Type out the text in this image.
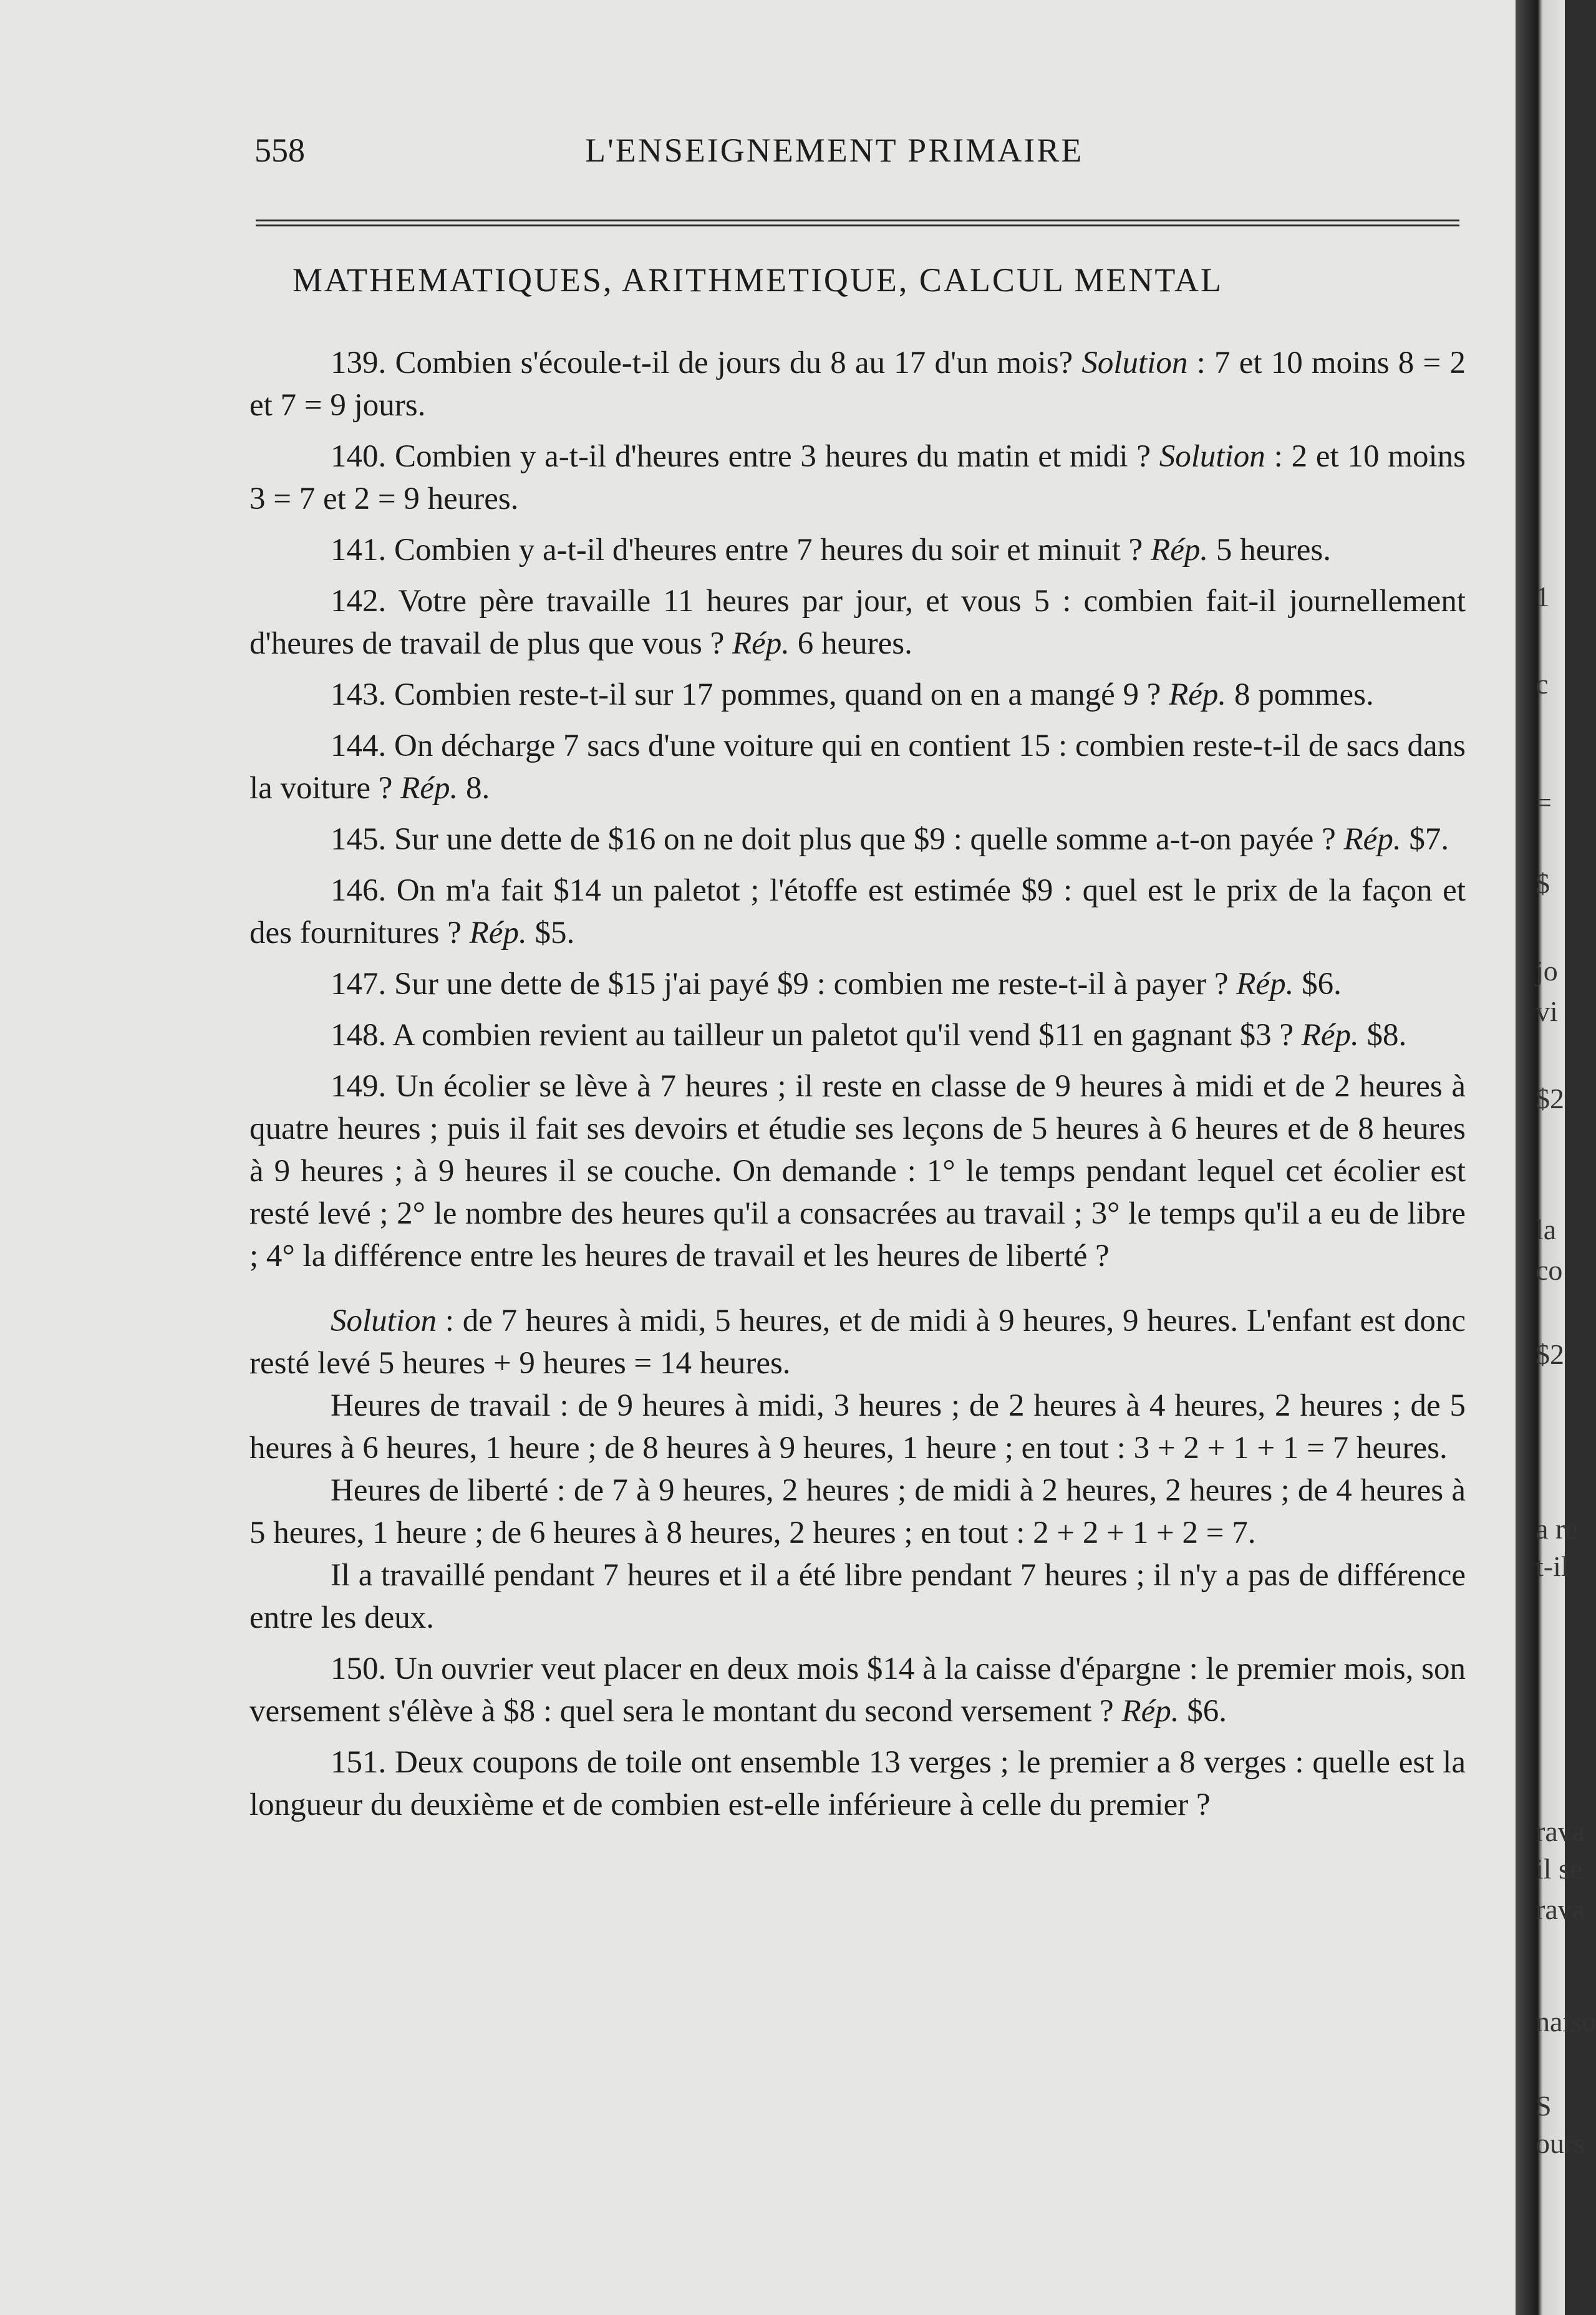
558	L'ENSEIGNEMENT PRIMAIRE
MATHEMATIQUES, ARITHMETIQUE, CALCUL MENTAL

139. Combien s'écoule-t-il de jours du 8 au 17 d'un mois? Solution : 7 et 10 moins 8 = 2 et 7 = 9 jours.

140. Combien y a-t-il d'heures entre 3 heures du matin et midi ? Solution : 2 et 10 moins 3 = 7 et 2 = 9 heures.

141. Combien y a-t-il d'heures entre 7 heures du soir et minuit ? Rép. 5 heures.

142. Votre père travaille 11 heures par jour, et vous 5 : combien fait-il journellement d'heures de travail de plus que vous ? Rép. 6 heures.

143. Combien reste-t-il sur 17 pommes, quand on en a mangé 9 ? Rép. 8 pommes.

144. On décharge 7 sacs d'une voiture qui en contient 15 : combien reste-t-il de sacs dans la voiture ? Rép. 8.

145. Sur une dette de $16 on ne doit plus que $9 : quelle somme a-t-on payée ? Rép. $7.

146. On m'a fait $14 un paletot ; l'étoffe est estimée $9 : quel est le prix de la façon et des fournitures ? Rép. $5.

147. Sur une dette de $15 j'ai payé $9 : combien me reste-t-il à payer ? Rép. $6.

148. A combien revient au tailleur un paletot qu'il vend $11 en gagnant $3 ? Rép. $8.

149. Un écolier se lève à 7 heures ; il reste en classe de 9 heures à midi et de 2 heures à quatre heures ; puis il fait ses devoirs et étudie ses leçons de 5 heures à 6 heures et de 8 heures à 9 heures ; à 9 heures il se couche. On demande : 1° le temps pendant lequel cet écolier est resté levé ; 2° le nombre des heures qu'il a consacrées au travail ; 3° le temps qu'il a eu de libre ; 4° la différence entre les heures de travail et les heures de liberté ?

Solution : de 7 heures à midi, 5 heures, et de midi à 9 heures, 9 heures. L'enfant est donc resté levé 5 heures + 9 heures = 14 heures.

Heures de travail : de 9 heures à midi, 3 heures ; de 2 heures à 4 heures, 2 heures ; de 5 heures à 6 heures, 1 heure ; de 8 heures à 9 heures, 1 heure ; en tout : 3 + 2 + 1 + 1 = 7 heures.

Heures de liberté : de 7 à 9 heures, 2 heures ; de midi à 2 heures, 2 heures ; de 4 heures à 5 heures, 1 heure ; de 6 heures à 8 heures, 2 heures ; en tout : 2 + 2 + 1 + 2 = 7.

Il a travaillé pendant 7 heures et il a été libre pendant 7 heures ; il n'y a pas de différence entre les deux.

150. Un ouvrier veut placer en deux mois $14 à la caisse d'épargne : le premier mois, son versement s'élève à $8 : quel sera le montant du second versement ? Rép. $6.

151. Deux coupons de toile ont ensemble 13 verges ; le premier a 8 verges : quelle est la longueur du deuxième et de combien est-elle inférieure à celle du premier ?

1
c
=
$
jo
vi
$2
la
co
$2
a re
t-il
rava
il se
rava
naiso
S
ours
